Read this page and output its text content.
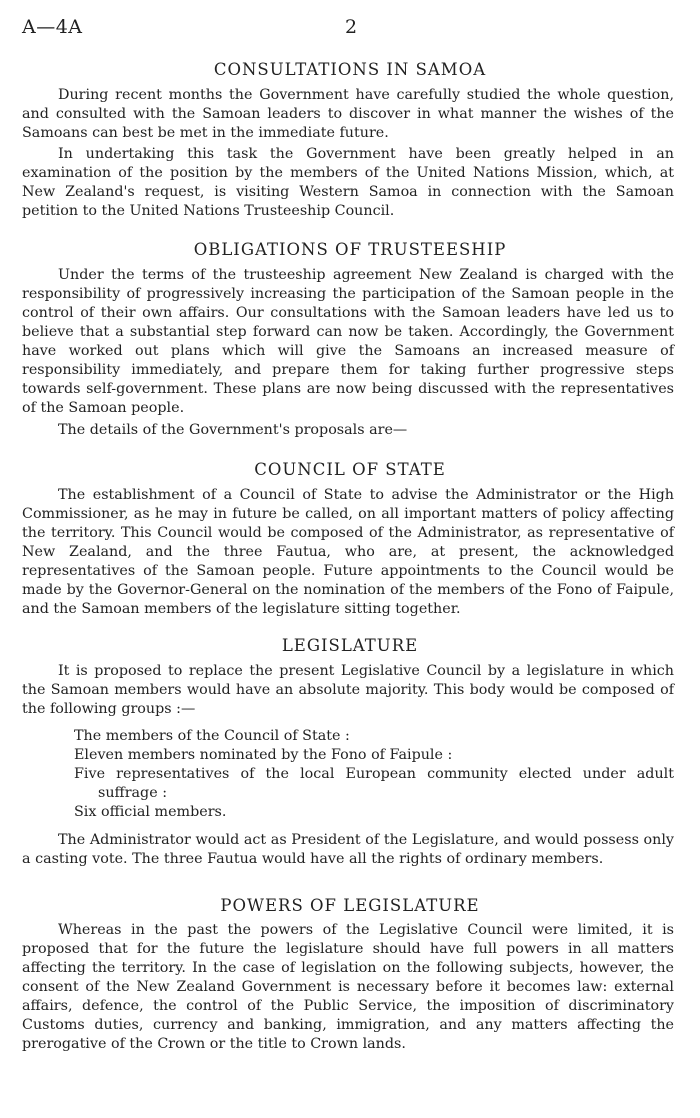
A—4A	2
CONSULTATIONS IN SAMOA

During recent months the Government have carefully studied the whole question, and consulted with the Samoan leaders to discover in what manner the wishes of the Samoans can best be met in the immediate future.

In undertaking this task the Government have been greatly helped in an examination of the position by the members of the United Nations Mission, which, at New Zealand's request, is visiting Western Samoa in connection with the Samoan petition to the United Nations Trusteeship Council.

OBLIGATIONS OF TRUSTEESHIP

Under the terms of the trusteeship agreement New Zealand is charged with the responsibility of progressively increasing the participation of the Samoan people in the control of their own affairs. Our consultations with the Samoan leaders have led us to believe that a substantial step forward can now be taken. Accordingly, the Government have worked out plans which will give the Samoans an increased measure of responsibility immediately, and prepare them for taking further progressive steps towards self-government. These plans are now being discussed with the representatives of the Samoan people.

The details of the Government's proposals are—

COUNCIL OF STATE

The establishment of a Council of State to advise the Administrator or the High Commissioner, as he may in future be called, on all important matters of policy affecting the territory. This Council would be composed of the Administrator, as representative of New Zealand, and the three Fautua, who are, at present, the acknowledged representatives of the Samoan people. Future appointments to the Council would be made by the Governor-General on the nomination of the members of the Fono of Faipule, and the Samoan members of the legislature sitting together.

LEGISLATURE

It is proposed to replace the present Legislative Council by a legislature in which the Samoan members would have an absolute majority. This body would be composed of the following groups :—

The members of the Council of State :
Eleven members nominated by the Fono of Faipule :
Five representatives of the local European community elected under adult suffrage :
Six official members.

The Administrator would act as President of the Legislature, and would possess only a casting vote. The three Fautua would have all the rights of ordinary members.

POWERS OF LEGISLATURE

Whereas in the past the powers of the Legislative Council were limited, it is proposed that for the future the legislature should have full powers in all matters affecting the territory. In the case of legislation on the following subjects, however, the consent of the New Zealand Government is necessary before it becomes law: external affairs, defence, the control of the Public Service, the imposition of discriminatory Customs duties, currency and banking, immigration, and any matters affecting the prerogative of the Crown or the title to Crown lands.
